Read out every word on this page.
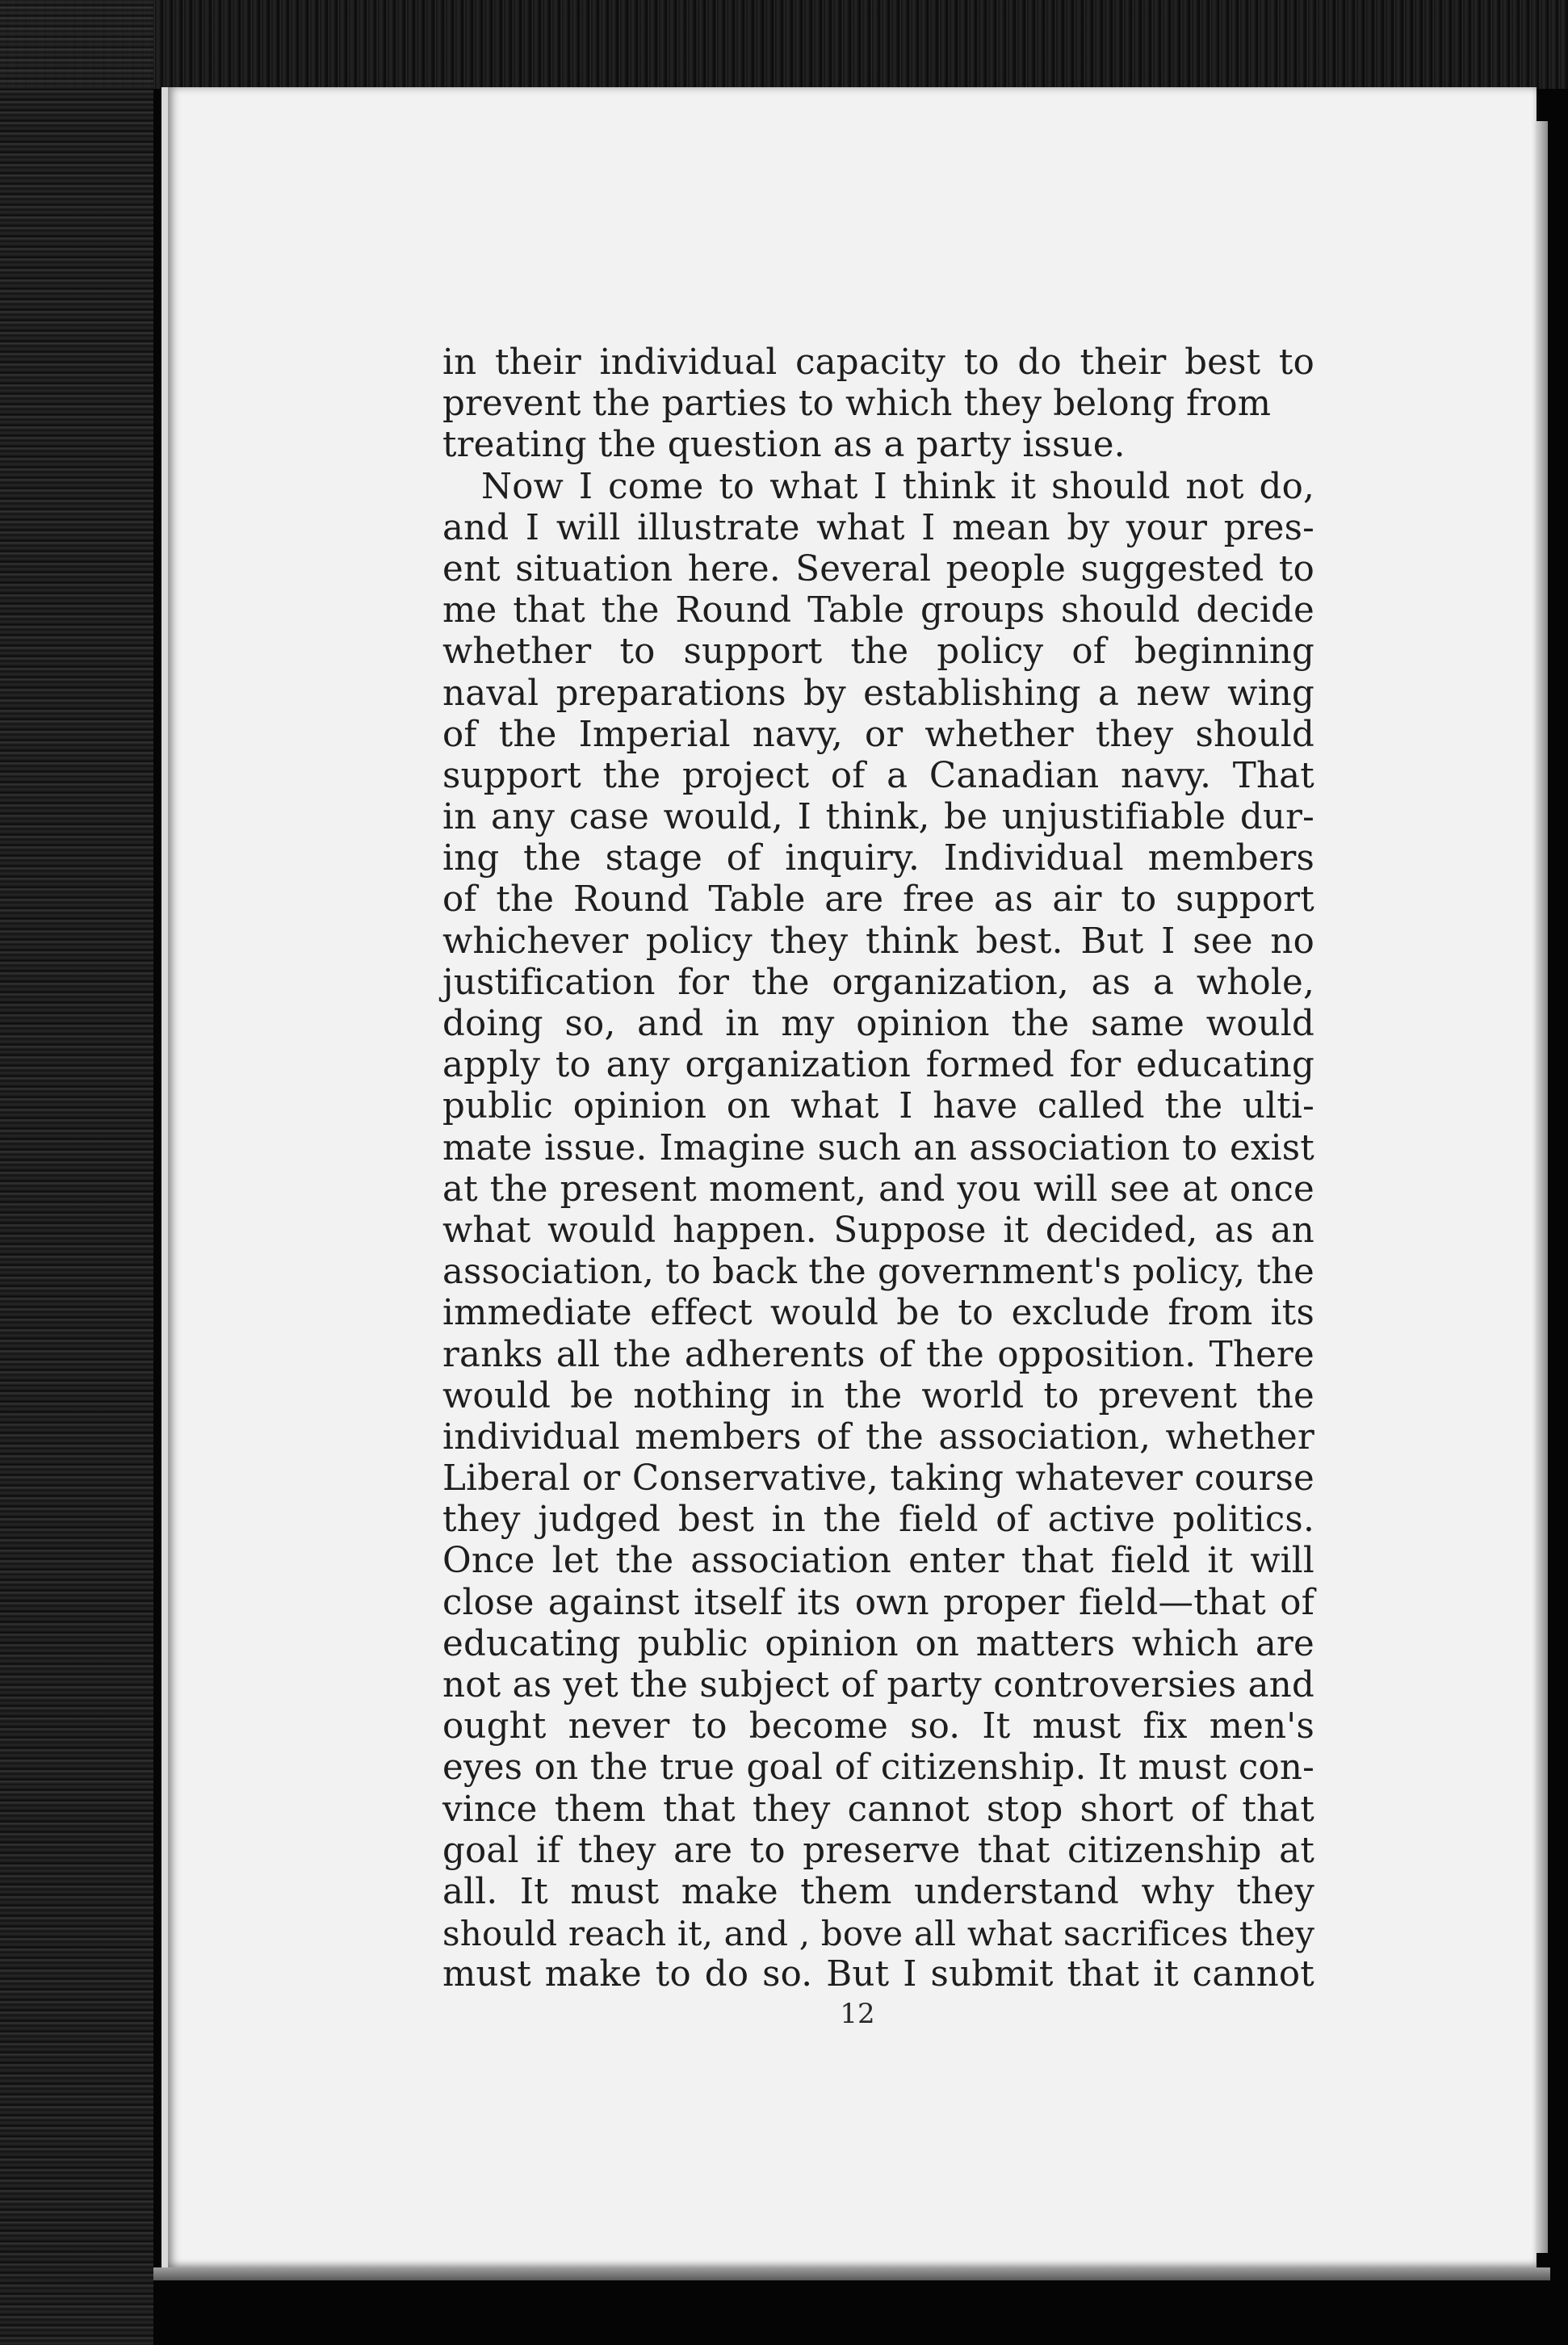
in their individual capacity to do their best to
prevent the parties to which they belong from
treating the question as a party issue.
Now I come to what I think it should not do,
and I will illustrate what I mean by your pres-
ent situation here. Several people suggested to
me that the Round Table groups should decide
whether to support the policy of beginning
naval preparations by establishing a new wing
of the Imperial navy, or whether they should
support the project of a Canadian navy. That
in any case would, I think, be unjustifiable dur-
ing the stage of inquiry. Individual members
of the Round Table are free as air to support
whichever policy they think best. But I see no
justification for the organization, as a whole,
doing so, and in my opinion the same would
apply to any organization formed for educating
public opinion on what I have called the ulti-
mate issue. Imagine such an association to exist
at the present moment, and you will see at once
what would happen. Suppose it decided, as an
association, to back the government's policy, the
immediate effect would be to exclude from its
ranks all the adherents of the opposition. There
would be nothing in the world to prevent the
individual members of the association, whether
Liberal or Conservative, taking whatever course
they judged best in the field of active politics.
Once let the association enter that field it will
close against itself its own proper field—that of
educating public opinion on matters which are
not as yet the subject of party controversies and
ought never to become so. It must fix men's
eyes on the true goal of citizenship. It must con-
vince them that they cannot stop short of that
goal if they are to preserve that citizenship at
all. It must make them understand why they
should reach it, and , bove all what sacrifices they
must make to do so. But I submit that it cannot
12
